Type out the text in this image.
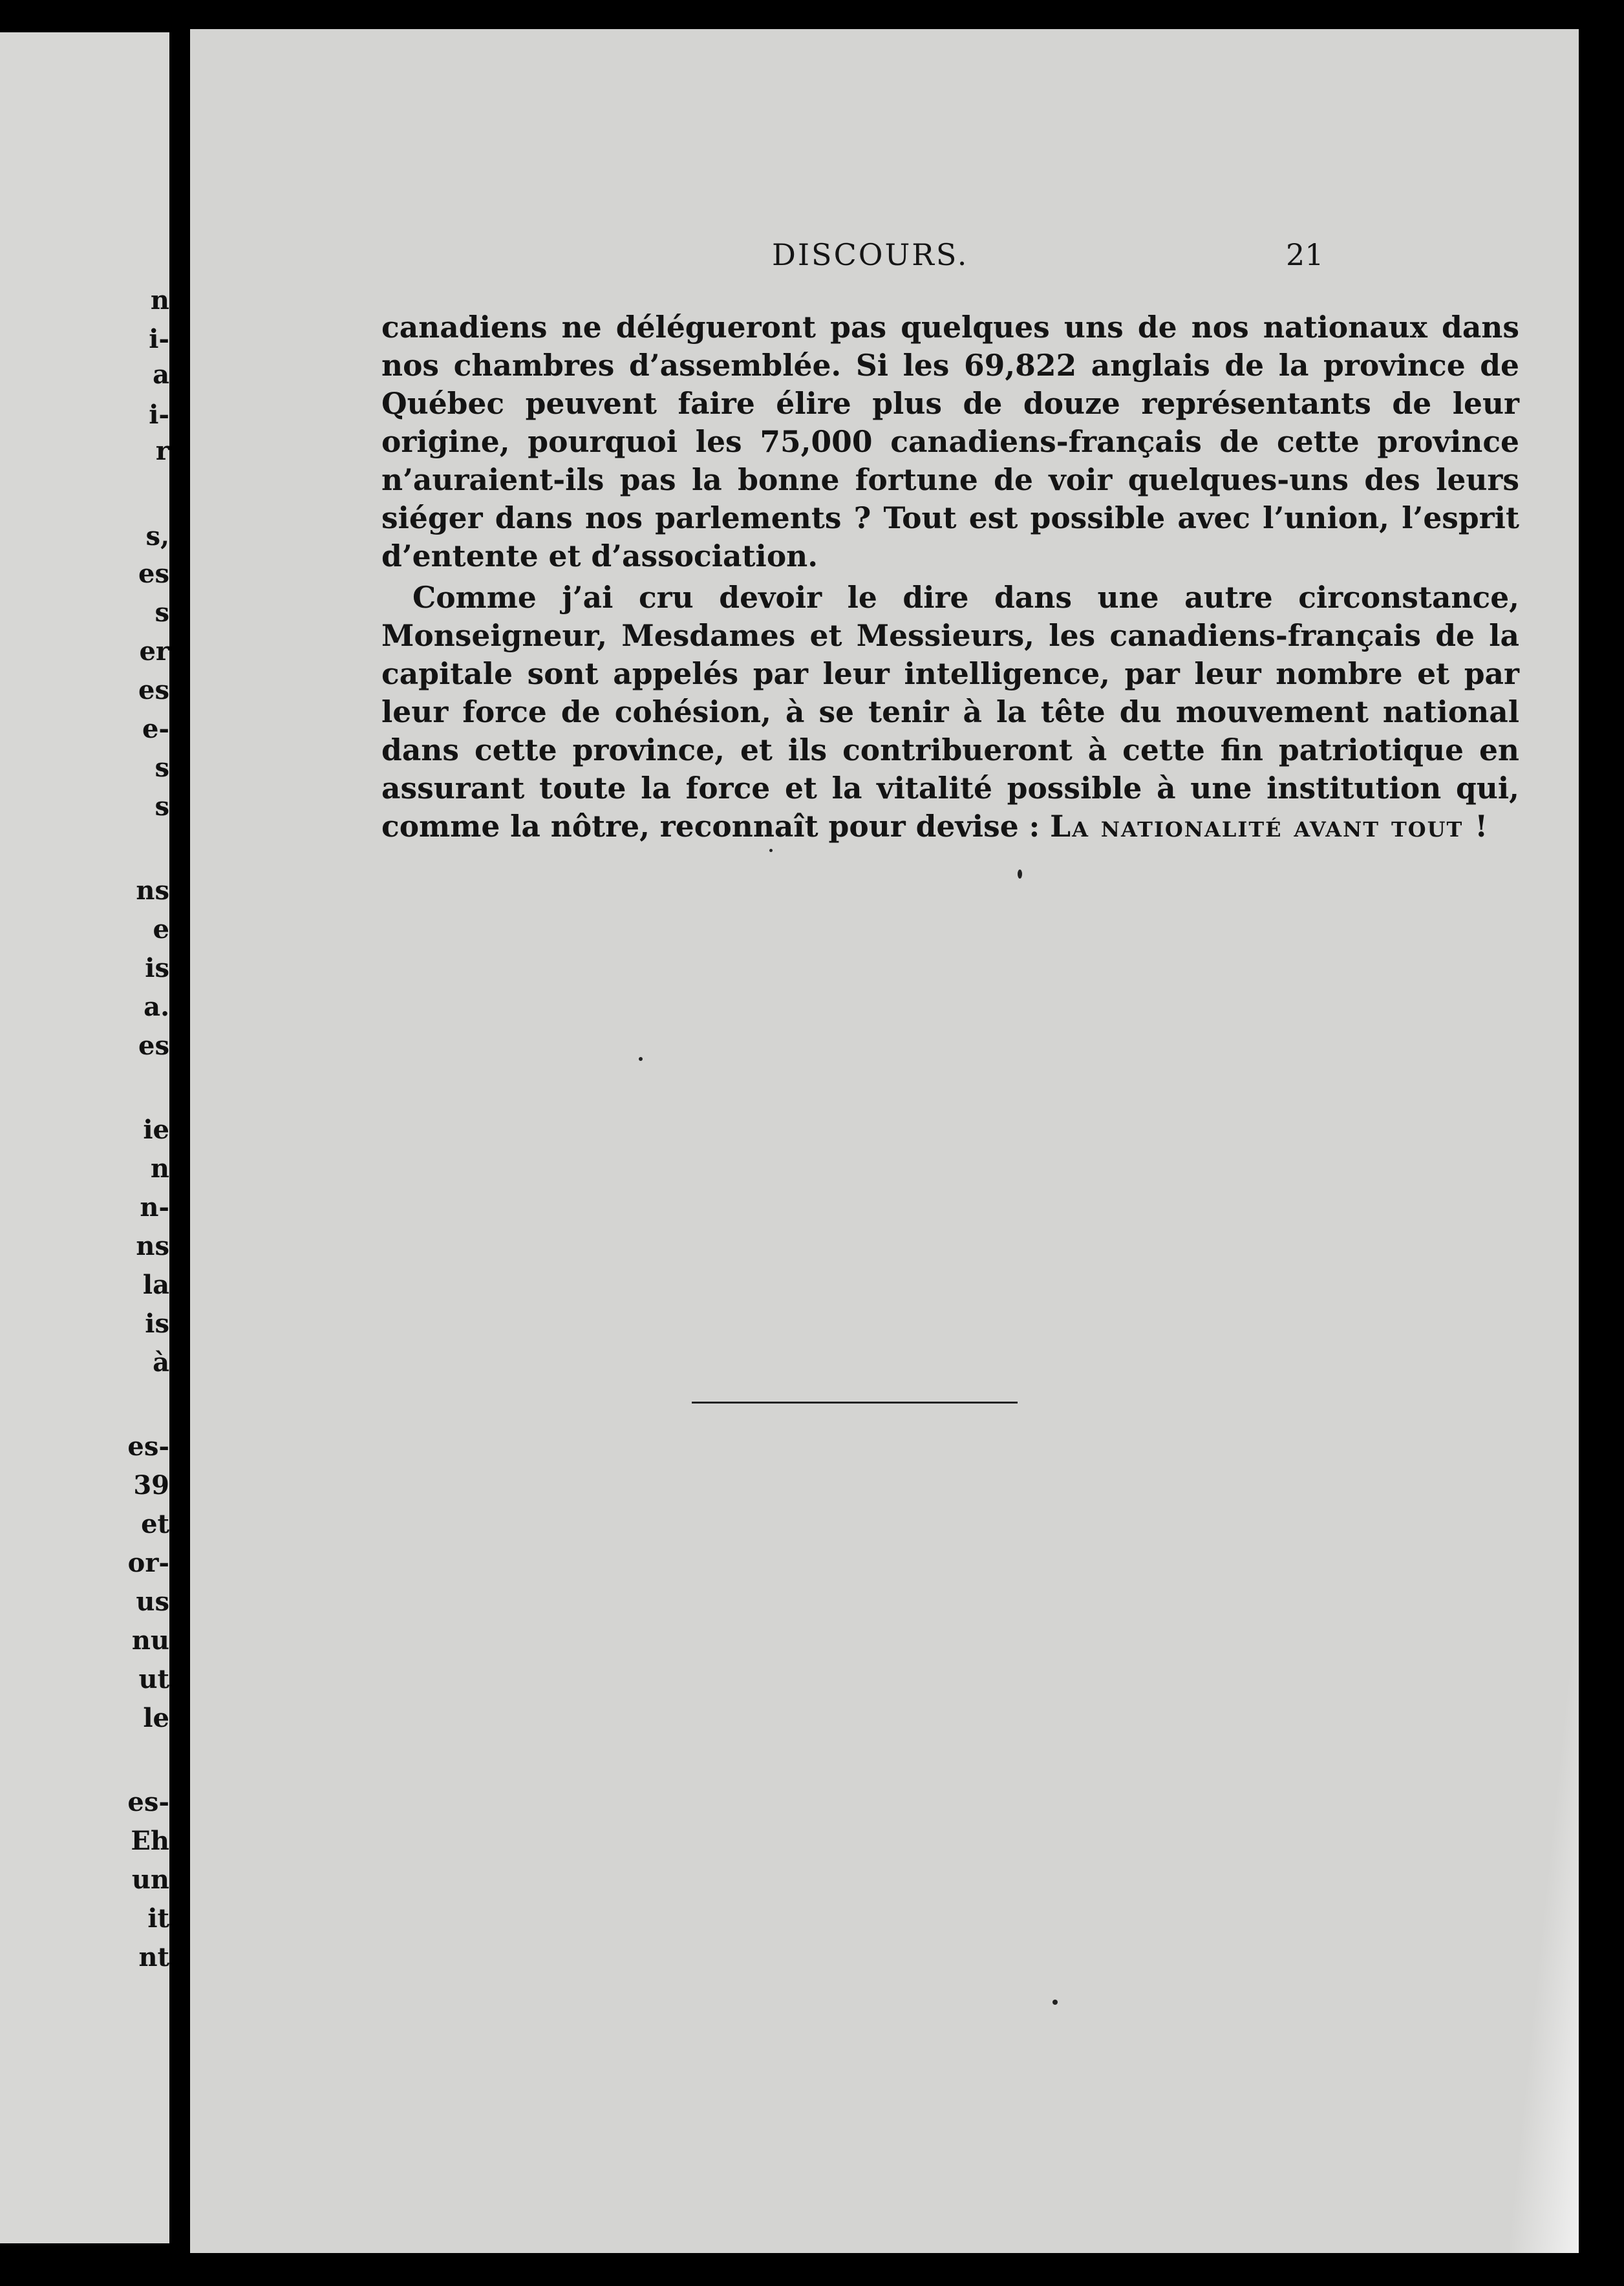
n
i-
a
i-
r
s,
es
s
er
es
e-
s
s
ns
e
is
a.
es
ie
n
n-
ns
la
is
à
es-
39
et
or-
us
nu
ut
le
es-
Eh
un
it
nt
DISCOURS.	21

canadiens ne délégueront pas quelques uns de nos nationaux dans nos chambres d’assemblée. Si les 69,822 anglais de la province de Québec peuvent faire élire plus de douze représentants de leur origine, pourquoi les 75,000 canadiens-français de cette province n’auraient-ils pas la bonne fortune de voir quelques-uns des leurs siéger dans nos parlements ? Tout est possible avec l’union, l’esprit d’entente et d’association.

Comme j’ai cru devoir le dire dans une autre circonstance, Monseigneur, Mesdames et Messieurs, les canadiens-français de la capitale sont appelés par leur intelligence, par leur nombre et par leur force de cohésion, à se tenir à la tête du mouvement national dans cette province, et ils contribueront à cette fin patriotique en assurant toute la force et la vitalité possible à une institution qui, comme la nôtre, reconnaît pour devise : La nationalité avant tout !
